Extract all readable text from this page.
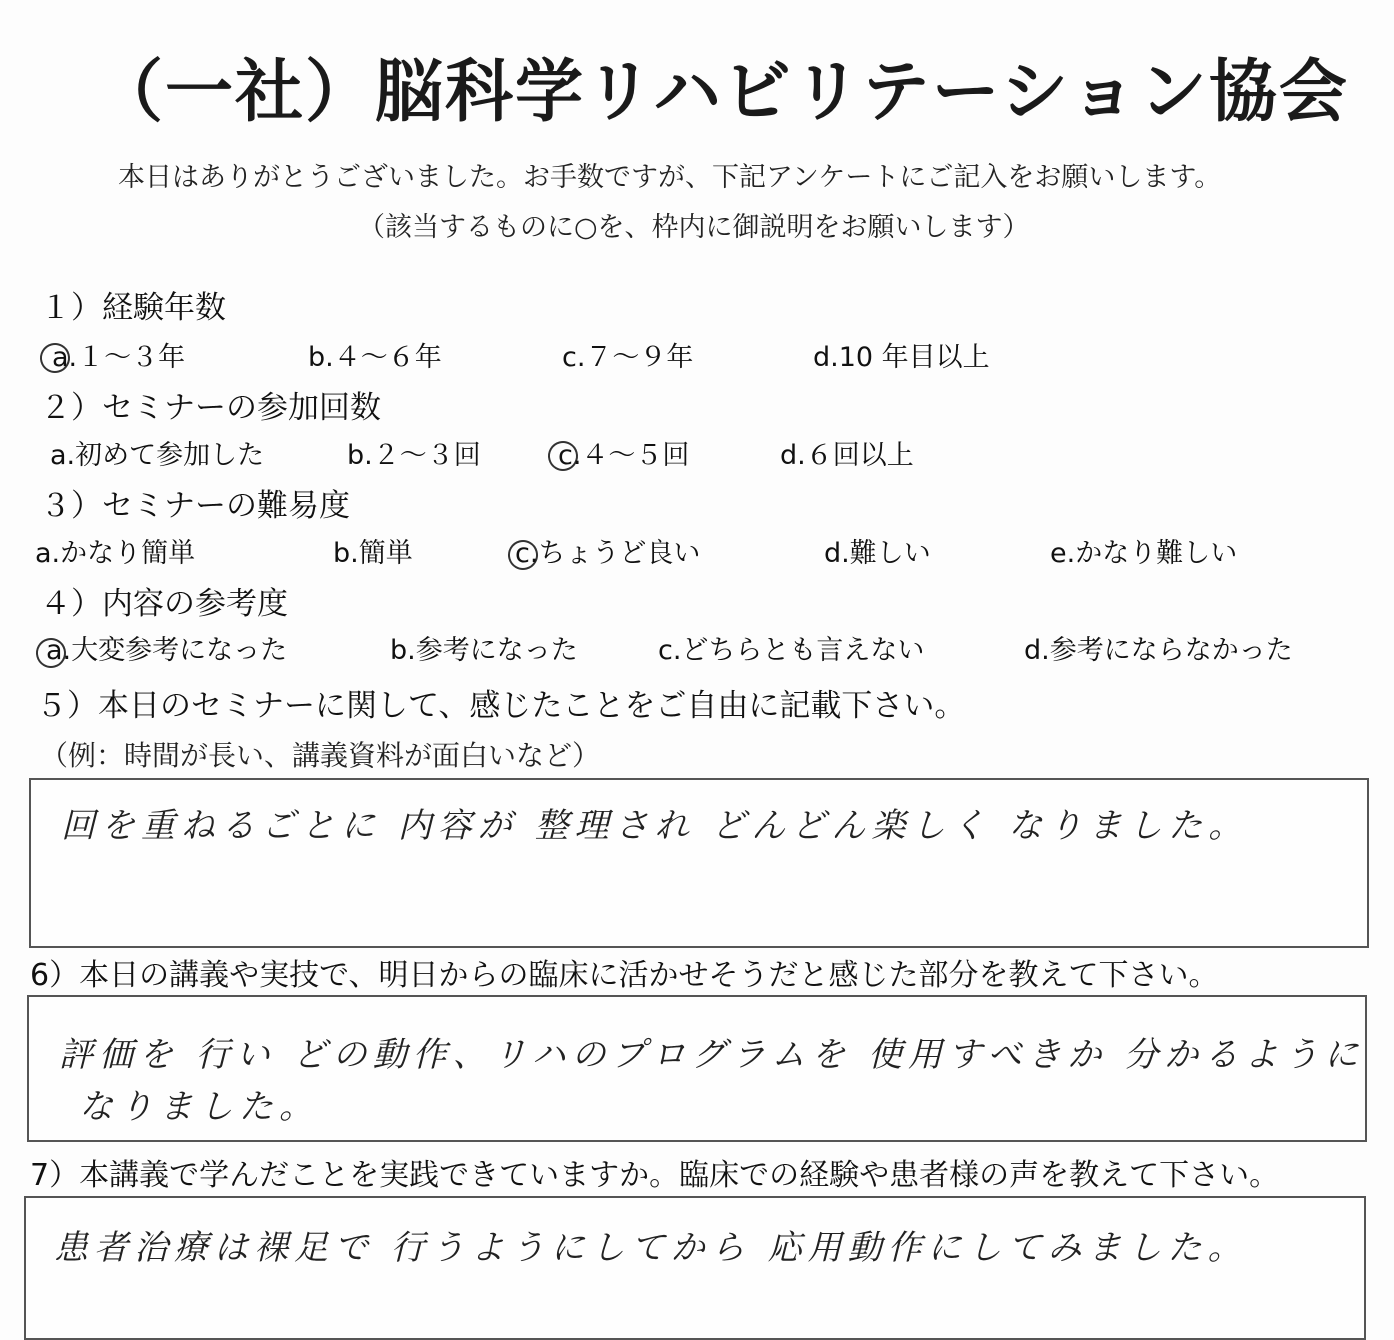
（一社）脳科学リハビリテーション協会
本日はありがとうございました。お手数ですが、下記アンケートにご記入をお願いします。
（該当するものに○を、枠内に御説明をお願いします）
１）経験年数
a.１〜３年	b.４〜６年	c.７〜９年	d.10 年目以上
２）セミナーの参加回数
a.初めて参加した	b.２〜３回	c.４〜５回	d.６回以上
３）セミナーの難易度
a.かなり簡単	b.簡単	c.ちょうど良い	d.難しい	e.かなり難しい
４）内容の参考度
a.大変参考になった	b.参考になった	c.どちらとも言えない	d.参考にならなかった
５）本日のセミナーに関して、感じたことをご自由に記載下さい。
（例：時間が長い、講義資料が面白いなど）
回を重ねるごとに 内容が 整理され どんどん楽しく なりました。
6）本日の講義や実技で、明日からの臨床に活かせそうだと感じた部分を教えて下さい。
評価を 行い どの動作、リハのプログラムを 使用すべきか 分かるように
なりました。
7）本講義で学んだことを実践できていますか。臨床での経験や患者様の声を教えて下さい。
患者治療は裸足で 行うようにしてから 応用動作にしてみました。
